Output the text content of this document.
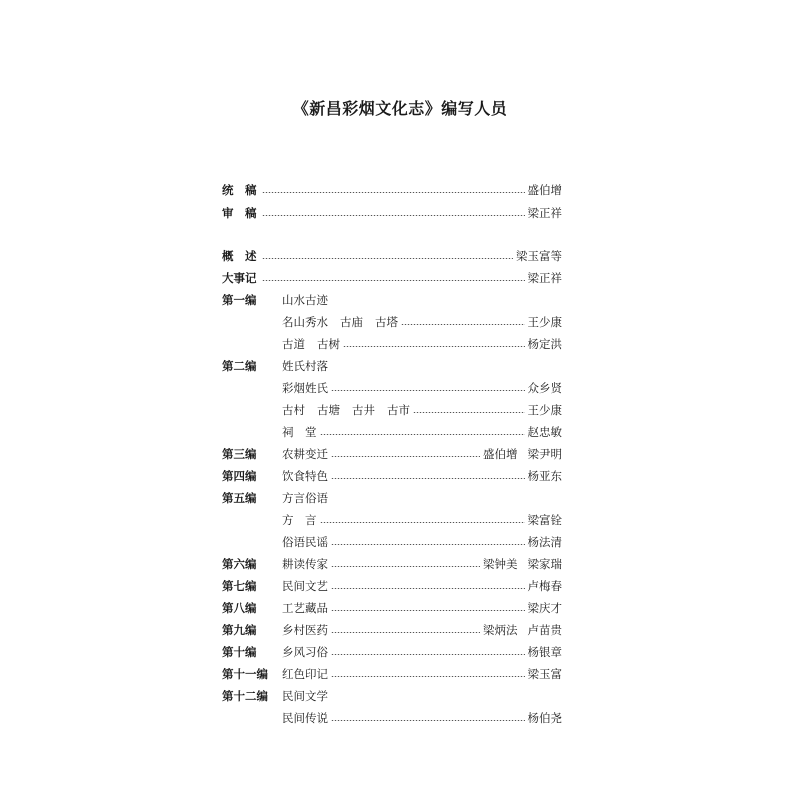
《新昌彩烟文化志》编写人员
统　稿	盛伯增
审　稿	梁正祥
概　述	梁玉富等
大事记	梁正祥
第一编	山水古迹
名山秀水 古庙 古塔	王少康
古道 古树	杨定洪
第二编	姓氏村落
彩烟姓氏	众乡贤
古村 古塘 古井 古市	王少康
祠　堂	赵忠敏
第三编	农耕变迁	盛伯增 梁尹明
第四编	饮食特色	杨亚东
第五编	方言俗语
方　言	梁富铨
俗语民谣	杨法清
第六编	耕读传家	梁钟美 梁家瑞
第七编	民间文艺	卢梅春
第八编	工艺藏品	梁庆才
第九编	乡村医药	梁炳法 卢苗贵
第十编	乡风习俗	杨银章
第十一编	红色印记	梁玉富
第十二编	民间文学
民间传说	杨伯尧
